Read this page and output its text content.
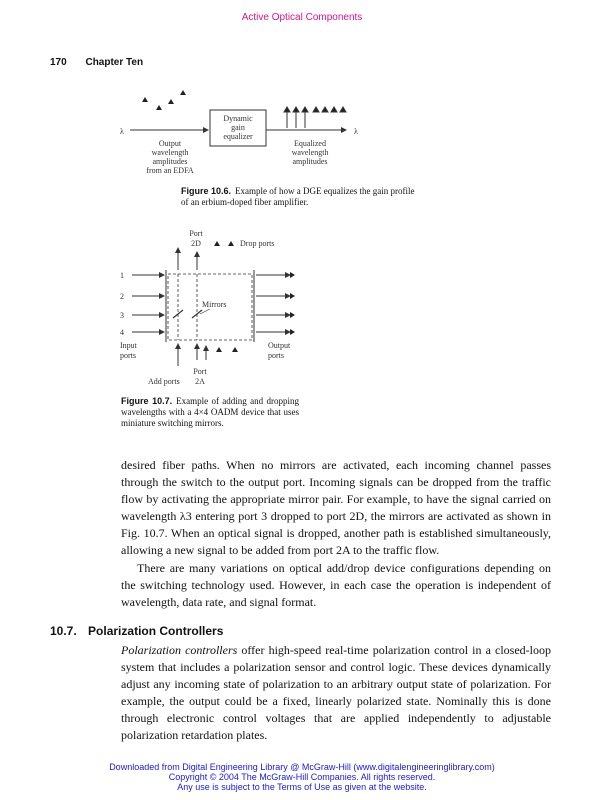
Active Optical Components
170 Chapter Ten
Dynamic
gain
equalizer
λ	λ
Output
wavelength
amplitudes
from an EDFA
Equalized
wavelength
amplitudes
Figure 10.6. Example of how a DGE equalizes the gain profile of an erbium-doped fiber amplifier.
Port
2D	Drop ports
1
2
3
4
Mirrors
Input
ports
Output
ports
Port
Add ports 2A
Figure 10.7. Example of adding and dropping wavelengths with a 4×4 OADM device that uses miniature switching mirrors.

desired fiber paths. When no mirrors are activated, each incoming channel passes through the switch to the output port. Incoming signals can be dropped from the traffic flow by activating the appropriate mirror pair. For example, to have the signal carried on wavelength λ3 entering port 3 dropped to port 2D, the mirrors are activated as shown in Fig. 10.7. When an optical signal is dropped, another path is established simultaneously, allowing a new signal to be added from port 2A to the traffic flow.

There are many variations on optical add/drop device configurations depending on the switching technology used. However, in each case the operation is independent of wavelength, data rate, and signal format.

10.7. Polarization Controllers

Polarization controllers offer high-speed real-time polarization control in a closed-loop system that includes a polarization sensor and control logic. These devices dynamically adjust any incoming state of polarization to an arbitrary output state of polarization. For example, the output could be a fixed, linearly polarized state. Nominally this is done through electronic control voltages that are applied independently to adjustable polarization retardation plates.

Downloaded from Digital Engineering Library @ McGraw-Hill (www.digitalengineeringlibrary.com)
Copyright © 2004 The McGraw-Hill Companies. All rights reserved.
Any use is subject to the Terms of Use as given at the website.
